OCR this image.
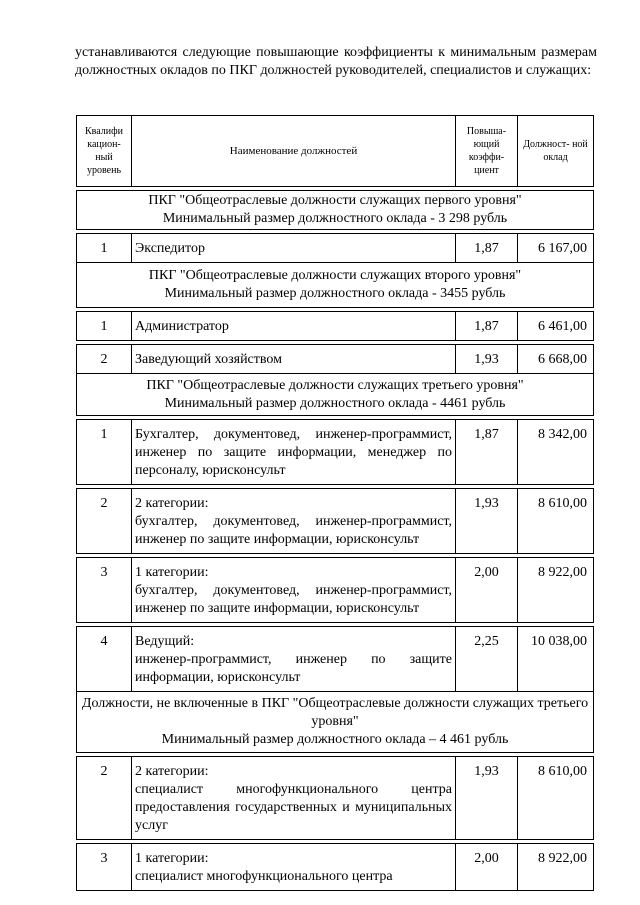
устанавливаются следующие повышающие коэффициенты к минимальным размерам должностных окладов по ПКГ должностей руководителей, специалистов и служащих:
Квалифи кацион- ный уровень	Наименование должностей	Повыша- ющий коэффи- циент	Должност- ной оклад

ПКГ "Общеотраслевые должности служащих первого уровня"
Минимальный размер должностного оклада - 3 298 рубль			

1	Экспедитор	1,87	6 167,00

ПКГ "Общеотраслевые должности служащих второго уровня"
Минимальный размер должностного оклада - 3455 рубль			

1	Администратор	1,87	6 461,00

2	Заведующий хозяйством	1,93	6 668,00

ПКГ "Общеотраслевые должности служащих третьего уровня"
Минимальный размер должностного оклада - 4461 рубль			

1	Бухгалтер, документовед, инженер-программист, инженер по защите информации, менеджер по персоналу, юрисконсульт	1,87	8 342,00

2	2 категории:
бухгалтер, документовед, инженер-программист, инженер по защите информации, юрисконсульт	1,93	8 610,00

3	1 категории:
бухгалтер, документовед, инженер-программист, инженер по защите информации, юрисконсульт	2,00	8 922,00

4	Ведущий:
инженер-программист, инженер по защите информации, юрисконсульт	2,25	10 038,00

Должности, не включенные в ПКГ "Общеотраслевые должности служащих третьего уровня"
Минимальный размер должностного оклада – 4 461 рубль			

2	2 категории:
специалист многофункционального центра предоставления государственных и муниципальных услуг	1,93	8 610,00

3	1 категории:
специалист многофункционального центра	2,00	8 922,00
